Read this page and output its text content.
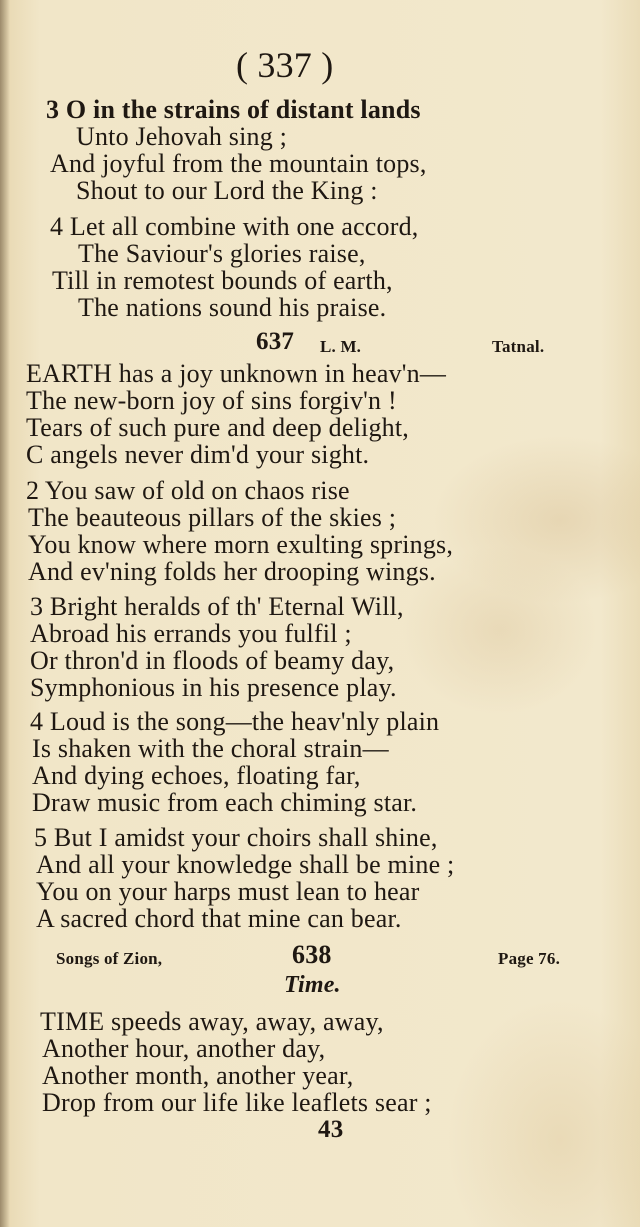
( 337 )
3 O in the strains of distant lands
Unto Jehovah sing ;
And joyful from the mountain tops,
Shout to our Lord the King :
4 Let all combine with one accord,
The Saviour's glories raise,
Till in remotest bounds of earth,
The nations sound his praise.
637 L. M.	Tatnal.
EARTH has a joy unknown in heav'n—
The new-born joy of sins forgiv'n !
Tears of such pure and deep delight,
C angels never dim'd your sight.
2 You saw of old on chaos rise
The beauteous pillars of the skies ;
You know where morn exulting springs,
And ev'ning folds her drooping wings.
3 Bright heralds of th' Eternal Will,
Abroad his errands you fulfil ;
Or thron'd in floods of beamy day,
Symphonious in his presence play.
4 Loud is the song—the heav'nly plain
Is shaken with the choral strain—
And dying echoes, floating far,
Draw music from each chiming star.
5 But I amidst your choirs shall shine,
And all your knowledge shall be mine ;
You on your harps must lean to hear
A sacred chord that mine can bear.
Songs of Zion,	638	Page 76.
Time.
TIME speeds away, away, away,
Another hour, another day,
Another month, another year,
Drop from our life like leaflets sear ;
43
